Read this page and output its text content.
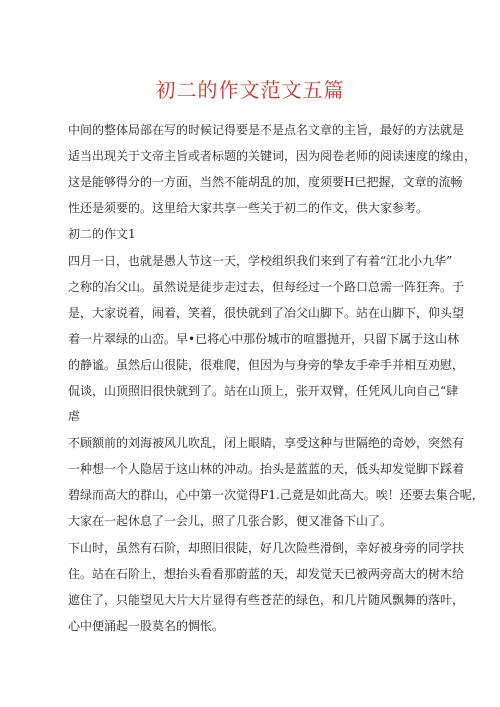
初二的作文范文五篇
中间的整体局部在写的时候记得要是不是点名文章的主旨，最好的方法就是
适当出现关于文帝主旨或者标题的关键词，因为阅卷老师的阅读速度的缘由，
这是能够得分的一方面，当然不能胡乱的加，度须要H已把握，文章的流畅
性还是须要的。这里给大家共享一些关于初二的作文，供大家参考。
初二的作文1
四月一日，也就是愚人节这一天，学校组织我们来到了有着“江北小九华”
之称的冶父山。虽然说是徒步走过去，但每经过一个路口总需一阵狂奔。于
是，大家说着，闹着，笑着，很快就到了冶父山脚下。站在山脚下，仰头望
着一片翠绿的山峦。早•已将心中那份城市的喧嚣抛开，只留下属于这山林
的静谧。虽然后山很陡，很难爬，但因为与身旁的挚友手牵手并相互劝慰，
侃谈，山顶照旧很快就到了。站在山顶上，张开双臂，任凭风儿向自己“肆
虐
不顾额前的刘海被风儿吹乱，闭上眼睛，享受这种与世隔绝的奇妙，突然有
一种想一个人隐居于这山林的冲动。抬头是蓝蓝的天，低头却发觉脚下踩着
碧绿而高大的群山，心中第一次觉得F1.己竟是如此高大。唉！还要去集合呢，
大家在一起休息了一会儿，照了几张合影，便又准备下山了。
下山时，虽然有石阶，却照旧很陡，好几次险些滑倒，幸好被身旁的同学扶
住。站在石阶上，想抬头看看那蔚蓝的天，却发觉天已被两旁高大的树木给
遮住了，只能望见大片大片显得有些苍茫的绿色，和几片随风飘舞的落叶，
心中便涌起一股莫名的惆怅。
